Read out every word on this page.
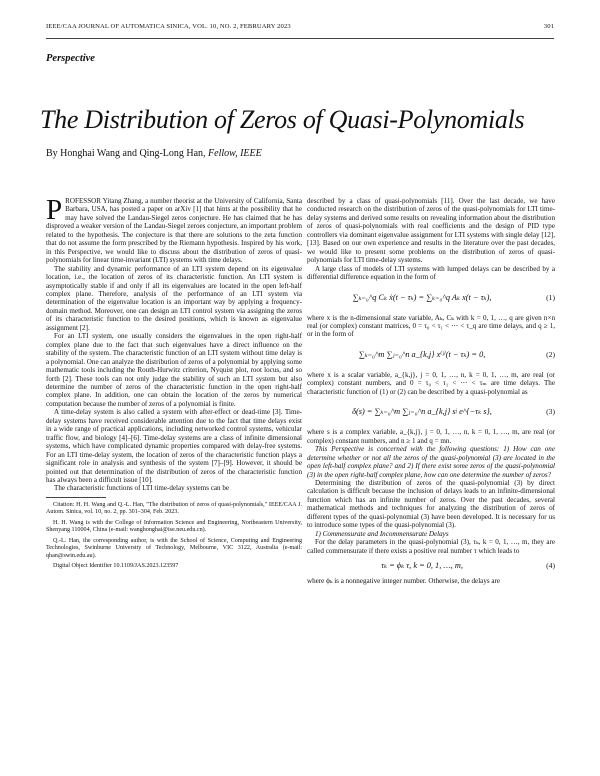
IEEE/CAA JOURNAL OF AUTOMATICA SINICA, VOL. 10, NO. 2, FEBRUARY 2023	301
Perspective
The Distribution of Zeros of Quasi-Polynomials
By Honghai Wang and Qing-Long Han, Fellow, IEEE

PROFESSOR Yitang Zhang, a number theorist at the University of California, Santa Barbara, USA, has posted a paper on arXiv [1] that hints at the possibility that he may have solved the Landau-Siegel zeros conjecture. He has claimed that he has disproved a weaker version of the Landau-Siegel zeroes conjecture, an important problem related to the hypothesis. The conjecture is that there are solutions to the zeta function that do not assume the form prescribed by the Riemann hypothesis. Inspired by his work, in this Perspective, we would like to discuss about the distribution of zeros of quasi-polynomials for linear time-invariant (LTI) systems with time delays.

The stability and dynamic performance of an LTI system depend on its eigenvalue location, i.e., the location of zeros of its characteristic function. An LTI system is asymptotically stable if and only if all its eigenvalues are located in the open left-half complex plane. Therefore, analysis of the performance of an LTI system via determination of the eigenvalue location is an important way by applying a frequency-domain method. Moreover, one can design an LTI control system via assigning the zeros of its characteristic function to the desired positions, which is known as eigenvalue assignment [2].

For an LTI system, one usually considers the eigenvalues in the open right-half complex plane due to the fact that such eigenvalues have a direct influence on the stability of the system. The characteristic function of an LTI system without time delay is a polynomial. One can analyze the distribution of zeros of a polynomial by applying some mathematic tools including the Routh-Hurwitz criterion, Nyquist plot, root locus, and so forth [2]. These tools can not only judge the stability of such an LTI system but also determine the number of zeros of the characteristic function in the open right-half complex plane. In addition, one can obtain the location of the zeros by numerical computation because the number of zeros of a polynomial is finite.

A time-delay system is also called a system with after-effect or dead-time [3]. Time-delay systems have received considerable attention due to the fact that time delays exist in a wide range of practical applications, including networked control systems, vehicular traffic flow, and biology [4]–[6]. Time-delay systems are a class of infinite dimensional systems, which have complicated dynamic properties compared with delay-free systems. For an LTI time-delay system, the location of zeros of the characteristic function plays a significant role in analysis and synthesis of the system [7]–[9]. However, it should be pointed out that determination of the distribution of zeros of the characteristic function has always been a difficult issue [10].

The characteristic functions of LTI time-delay systems can be

Citation: H. H. Wang and Q.-L. Han, "The distribution of zeros of quasi-polynomials," IEEE/CAA J. Autom. Sinica, vol. 10, no. 2, pp. 301–304, Feb. 2023.

H. H. Wang is with the College of Information Science and Engineering, Northeastern University, Shenyang 110004, China (e-mail: wanghonghai@ise.neu.edu.cn).

Q.-L. Han, the corresponding author, is with the School of Science, Computing and Engineering Technologies, Swinburne University of Technology, Melbourne, VIC 3122, Australia (e-mail: qhan@swin.edu.au).

Digital Object Identifier 10.1109/JAS.2023.123597

described by a class of quasi-polynomials [11]. Over the last decade, we have conducted research on the distribution of zeros of the quasi-polynomials for LTI time-delay systems and derived some results on revealing information about the distribution of zeros of quasi-polynomials with real coefficients and the design of PID type controllers via dominant eigenvalue assignment for LTI systems with single delay [12], [13]. Based on our own experience and results in the literature over the past decades, we would like to present some problems on the distribution of zeros of quasi-polynomials for LTI time-delay systems.

A large class of models of LTI systems with lumped delays can be described by a differential difference equation in the form of

∑ₖ₌₀^q Cₖ ẋ(t − τₖ) = ∑ₖ₌₀^q Aₖ x(t − τₖ),	(1)

where x is the n-dimensional state variable, Aₖ, Cₖ with k = 0, 1, …, q are given n×n real (or complex) constant matrices, 0 = τ₀ < τ₁ < ⋯ < τ_q are time delays, and q ≥ 1, or in the form of

∑ₖ₌₀^m ∑ⱼ₌₀^n a_{k,j} x⁽ʲ⁾(t − τₖ) = 0,	(2)

where x is a scalar variable, a_{k,j}, j = 0, 1, …, n, k = 0, 1, …, m, are real (or complex) constant numbers, and 0 = τ₀ < τ₁ < ⋯ < τₘ are time delays. The characteristic function of (1) or (2) can be described by a quasi-polynomial as

δ(s) = ∑ₖ₌₀^m ∑ⱼ₌₀^n a_{k,j} sʲ e^{−τₖ s},	(3)

where s is a complex variable, a_{k,j}, j = 0, 1, …, n, k = 0, 1, …, m, are real (or complex) constant numbers, and n ≥ 1 and q = mn.

This Perspective is concerned with the following questions: 1) How can one determine whether or not all the zeros of the quasi-polynomial (3) are located in the open left-half complex plane? and 2) If there exist some zeros of the quasi-polynomial (3) in the open right-half complex plane, how can one determine the number of zeros?

Determining the distribution of zeros of the quasi-polynomial (3) by direct calculation is difficult because the inclusion of delays leads to an infinite-dimensional function which has an infinite number of zeros. Over the past decades, several mathematical methods and techniques for analyzing the distribution of zeros of different types of the quasi-polynomial (3) have been developed. It is necessary for us to introduce some types of the quasi-polynomial (3).

1) Commensurate and Incommensurate Delays

For the delay parameters in the quasi-polynomial (3), τₖ, k = 0, 1, …, m, they are called commensurate if there exists a positive real number τ which leads to

τₖ = ϕₖ τ, k = 0, 1, …, m,	(4)

where ϕₖ is a nonnegative integer number. Otherwise, the delays are
